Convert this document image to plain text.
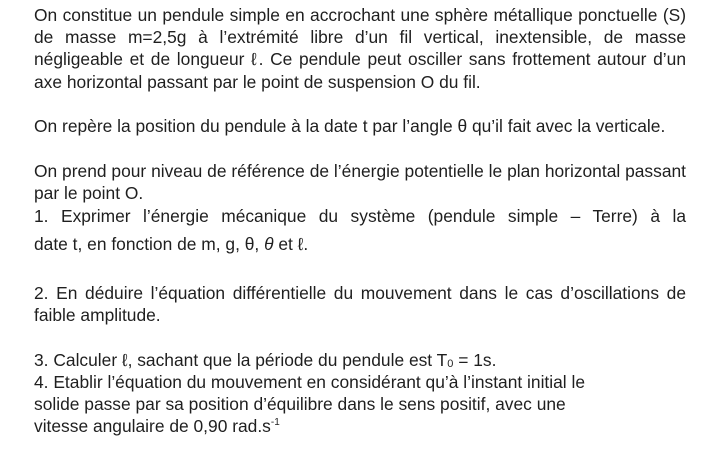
On constitue un pendule simple en accrochant une sphère métallique ponctuelle (S) de masse m=2,5g à l’extrémité libre d’un fil vertical, inextensible, de masse négligeable et de longueur ℓ. Ce pendule peut osciller sans frottement autour d’un axe horizontal passant par le point de suspension O du fil.
On repère la position du pendule à la date t par l’angle θ qu’il fait avec la verticale.
On prend pour niveau de référence de l’énergie potentielle le plan horizontal passant par le point O.
1. Exprimer l’énergie mécanique du système (pendule simple – Terre) à la
date t, en fonction de m, g, θ, θ et ℓ.
2. En déduire l’équation différentielle du mouvement dans le cas d’oscillations de faible amplitude.
3. Calculer ℓ, sachant que la période du pendule est T0 = 1s.
4. Etablir l’équation du mouvement en considérant qu’à l’instant initial le
solide passe par sa position d’équilibre dans le sens positif, avec une
vitesse angulaire de 0,90 $rad.s^{-1}$
